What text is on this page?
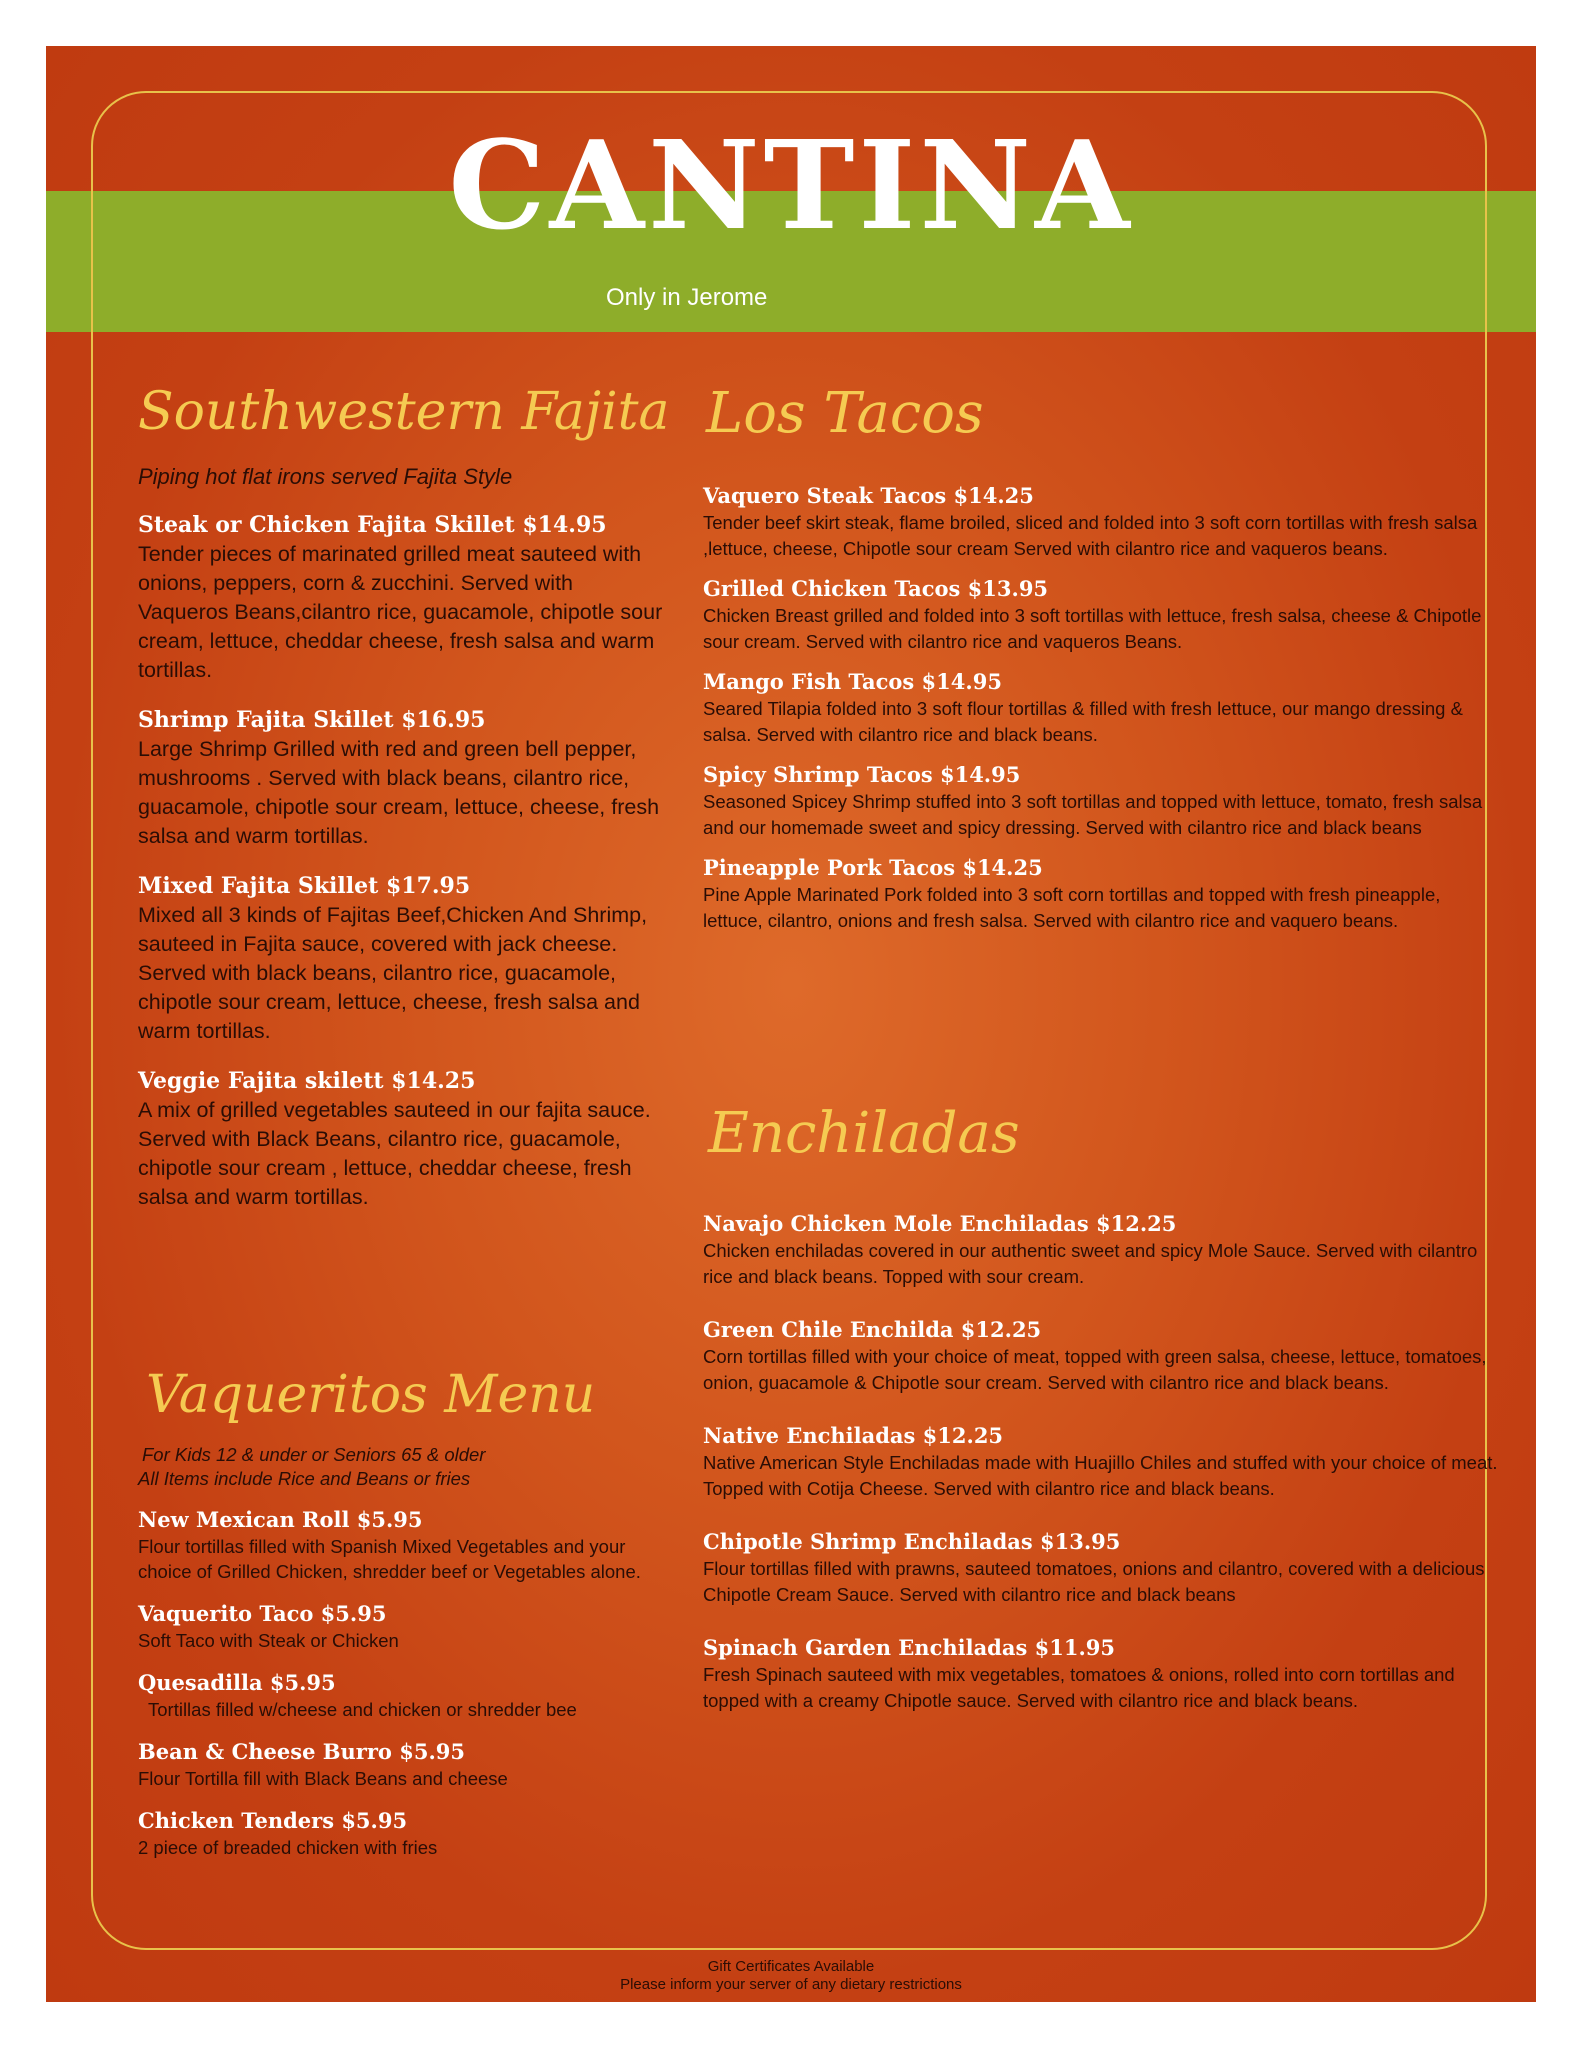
CANTINA
Only in Jerome
Southwestern Fajita
Piping hot flat irons served Fajita Style
Steak or Chicken Fajita Skillet $14.95
Tender pieces of marinated grilled meat sauteed with onions, peppers, corn & zucchini. Served with Vaqueros Beans,cilantro rice, guacamole, chipotle sour cream, lettuce, cheddar cheese, fresh salsa and warm tortillas.
Shrimp Fajita Skillet $16.95
Large Shrimp Grilled with red and green bell pepper, mushrooms . Served with black beans, cilantro rice, guacamole, chipotle sour cream, lettuce, cheese, fresh salsa and warm tortillas.
Mixed Fajita Skillet $17.95
Mixed all 3 kinds of Fajitas Beef,Chicken And Shrimp, sauteed in Fajita sauce, covered with jack cheese. Served with black beans, cilantro rice, guacamole, chipotle sour cream, lettuce, cheese, fresh salsa and warm tortillas.
Veggie Fajita skilett $14.25
A mix of grilled vegetables sauteed in our fajita sauce. Served with Black Beans, cilantro rice, guacamole, chipotle sour cream , lettuce, cheddar cheese, fresh salsa and warm tortillas.
Vaqueritos Menu
For Kids 12 & under or Seniors 65 & older
All Items include Rice and Beans or fries
New Mexican Roll $5.95
Flour tortillas filled with Spanish Mixed Vegetables and your choice of Grilled Chicken, shredder beef or Vegetables alone.
Vaquerito Taco $5.95
Soft Taco with Steak or Chicken
Quesadilla $5.95
Tortillas filled w/cheese and chicken or shredder bee
Bean & Cheese Burro $5.95
Flour Tortilla fill with Black Beans and cheese
Chicken Tenders $5.95
2 piece of breaded chicken with fries
Los Tacos
Vaquero Steak Tacos $14.25
Tender beef skirt steak, flame broiled, sliced and folded into 3 soft corn tortillas with fresh salsa ,lettuce, cheese, Chipotle sour cream Served with cilantro rice and vaqueros beans.
Grilled Chicken Tacos $13.95
Chicken Breast grilled and folded into 3 soft tortillas with lettuce, fresh salsa, cheese & Chipotle sour cream. Served with cilantro rice and vaqueros Beans.
Mango Fish Tacos $14.95
Seared Tilapia folded into 3 soft flour tortillas & filled with fresh lettuce, our mango dressing & salsa. Served with cilantro rice and black beans.
Spicy Shrimp Tacos $14.95
Seasoned Spicey Shrimp stuffed into 3 soft tortillas and topped with lettuce, tomato, fresh salsa and our homemade sweet and spicy dressing. Served with cilantro rice and black beans
Pineapple Pork Tacos $14.25
Pine Apple Marinated Pork folded into 3 soft corn tortillas and topped with fresh pineapple, lettuce, cilantro, onions and fresh salsa. Served with cilantro rice and vaquero beans.
Enchiladas
Navajo Chicken Mole Enchiladas $12.25
Chicken enchiladas covered in our authentic sweet and spicy Mole Sauce. Served with cilantro rice and black beans. Topped with sour cream.
Green Chile Enchilda $12.25
Corn tortillas filled with your choice of meat, topped with green salsa, cheese, lettuce, tomatoes, onion, guacamole & Chipotle sour cream. Served with cilantro rice and black beans.
Native Enchiladas $12.25
Native American Style Enchiladas made with Huajillo Chiles and stuffed with your choice of meat. Topped with Cotija Cheese. Served with cilantro rice and black beans.
Chipotle Shrimp Enchiladas $13.95
Flour tortillas filled with prawns, sauteed tomatoes, onions and cilantro, covered with a delicious Chipotle Cream Sauce. Served with cilantro rice and black beans
Spinach Garden Enchiladas $11.95
Fresh Spinach sauteed with mix vegetables, tomatoes & onions, rolled into corn tortillas and topped with a creamy Chipotle sauce. Served with cilantro rice and black beans.
Gift Certificates Available
Please inform your server of any dietary restrictions
